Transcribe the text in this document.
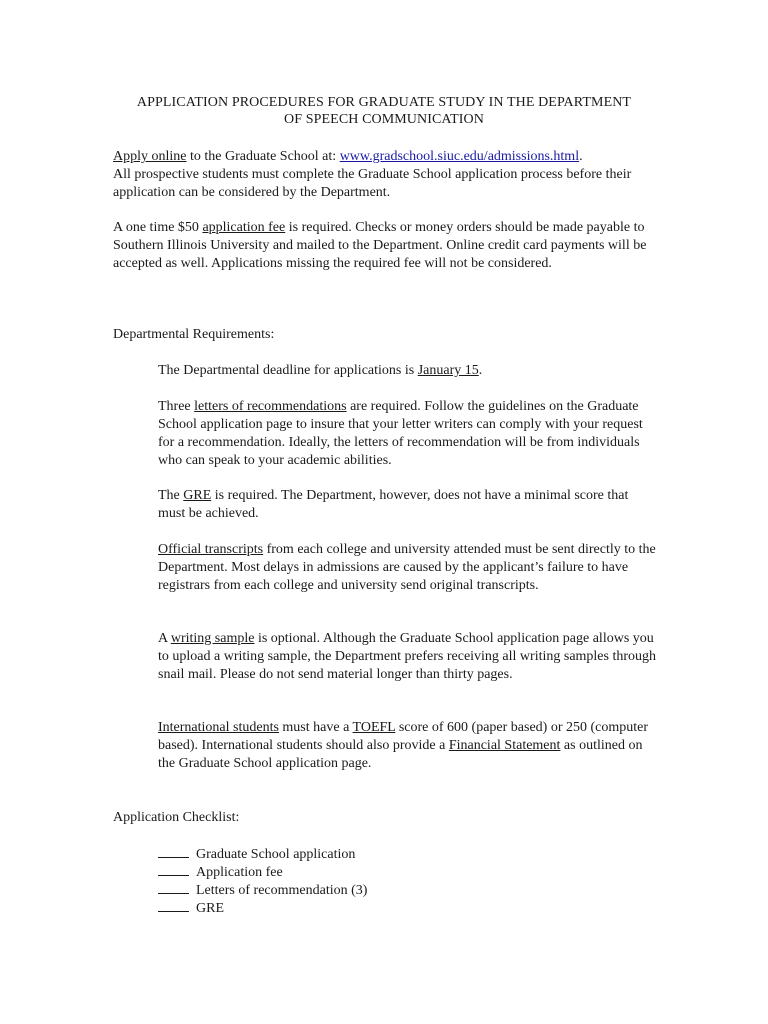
APPLICATION PROCEDURES FOR GRADUATE STUDY IN THE DEPARTMENT
OF SPEECH COMMUNICATION

Apply online to the Graduate School at: www.gradschool.siuc.edu/admissions.html.
All prospective students must complete the Graduate School application process before their application can be considered by the Department.

A one time $50 application fee is required. Checks or money orders should be made payable to Southern Illinois University and mailed to the Department. Online credit card payments will be accepted as well. Applications missing the required fee will not be considered.

Departmental Requirements:

The Departmental deadline for applications is January 15.

Three letters of recommendations are required. Follow the guidelines on the Graduate School application page to insure that your letter writers can comply with your request for a recommendation. Ideally, the letters of recommendation will be from individuals who can speak to your academic abilities.

The GRE is required. The Department, however, does not have a minimal score that must be achieved.

Official transcripts from each college and university attended must be sent directly to the Department. Most delays in admissions are caused by the applicant’s failure to have registrars from each college and university send original transcripts.

A writing sample is optional. Although the Graduate School application page allows you to upload a writing sample, the Department prefers receiving all writing samples through snail mail. Please do not send material longer than thirty pages.

International students must have a TOEFL score of 600 (paper based) or 250 (computer based). International students should also provide a Financial Statement as outlined on the Graduate School application page.

Application Checklist:

Graduate School application
Application fee
Letters of recommendation (3)
GRE
